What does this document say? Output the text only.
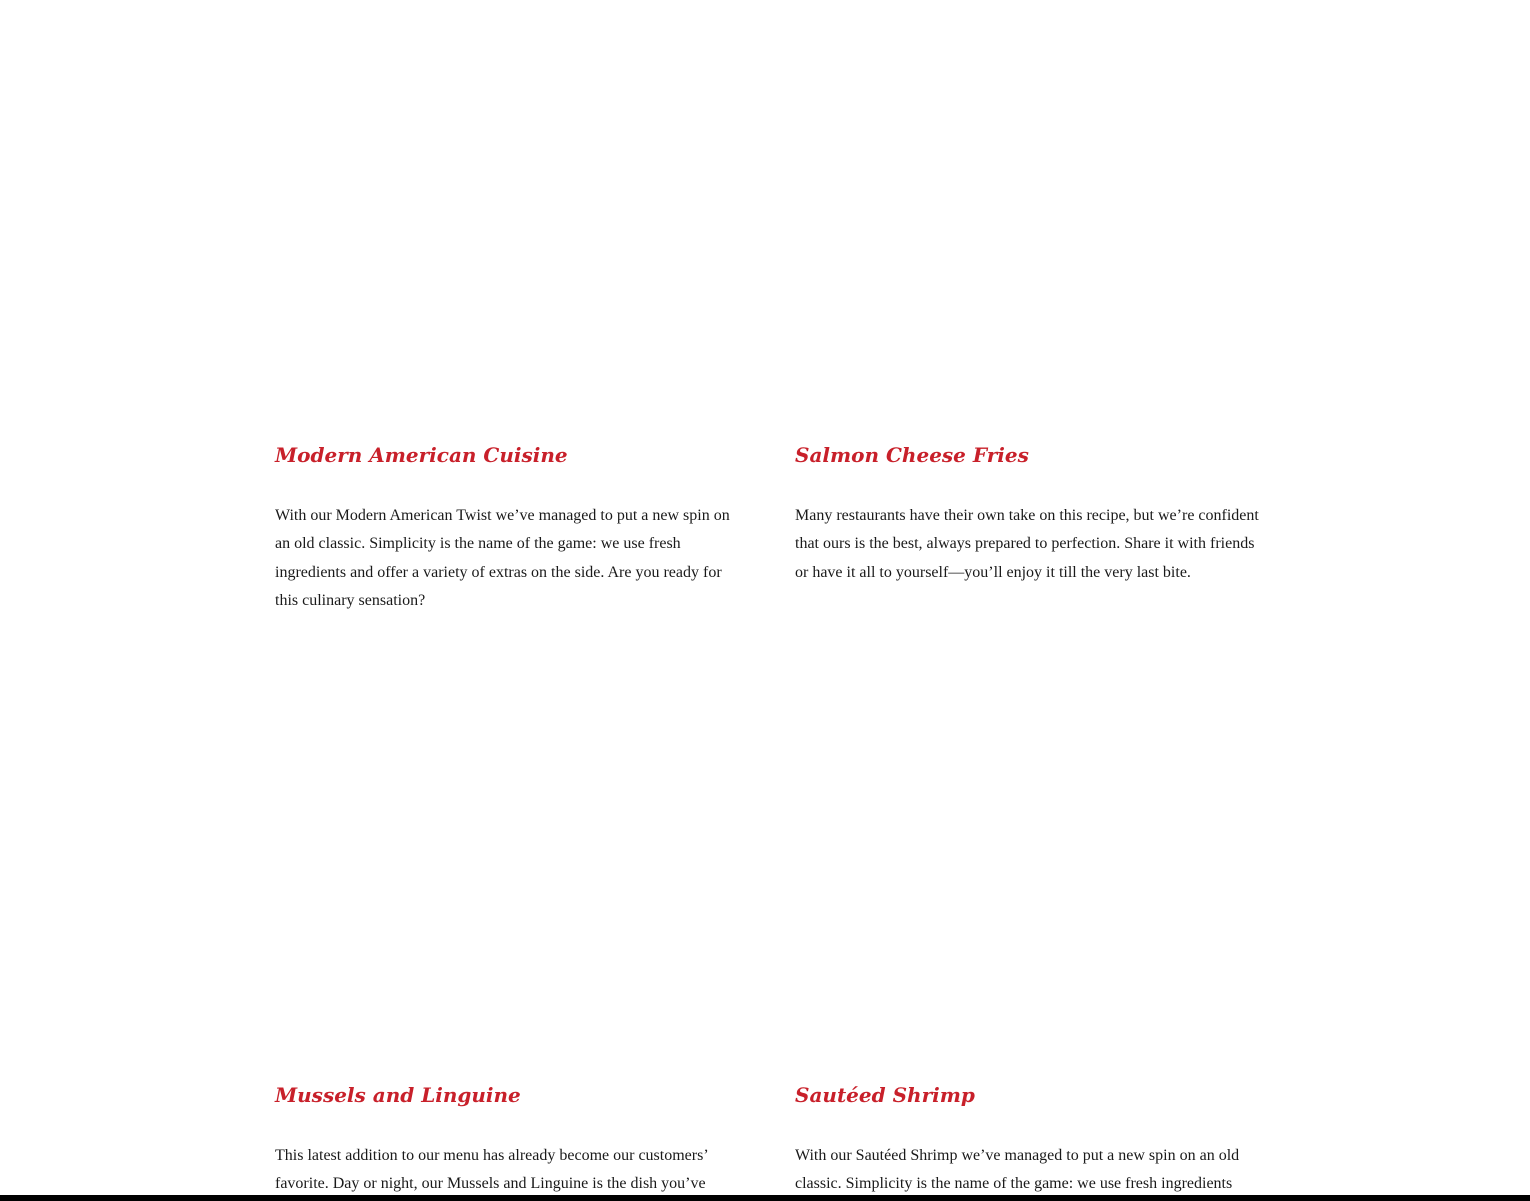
Modern American Cuisine

With our Modern American Twist we’ve managed to put a new spin on an old classic. Simplicity is the name of the game: we use fresh ingredients and offer a variety of extras on the side. Are you ready for this culinary sensation?

Salmon Cheese Fries

Many restaurants have their own take on this recipe, but we’re confident that ours is the best, always prepared to perfection. Share it with friends or have it all to yourself—you’ll enjoy it till the very last bite.

Mussels and Linguine

This latest addition to our menu has already become our customers’ favorite. Day or night, our Mussels and Linguine is the dish you’ve

Sautéed Shrimp

With our Sautéed Shrimp we’ve managed to put a new spin on an old classic. Simplicity is the name of the game: we use fresh ingredients
